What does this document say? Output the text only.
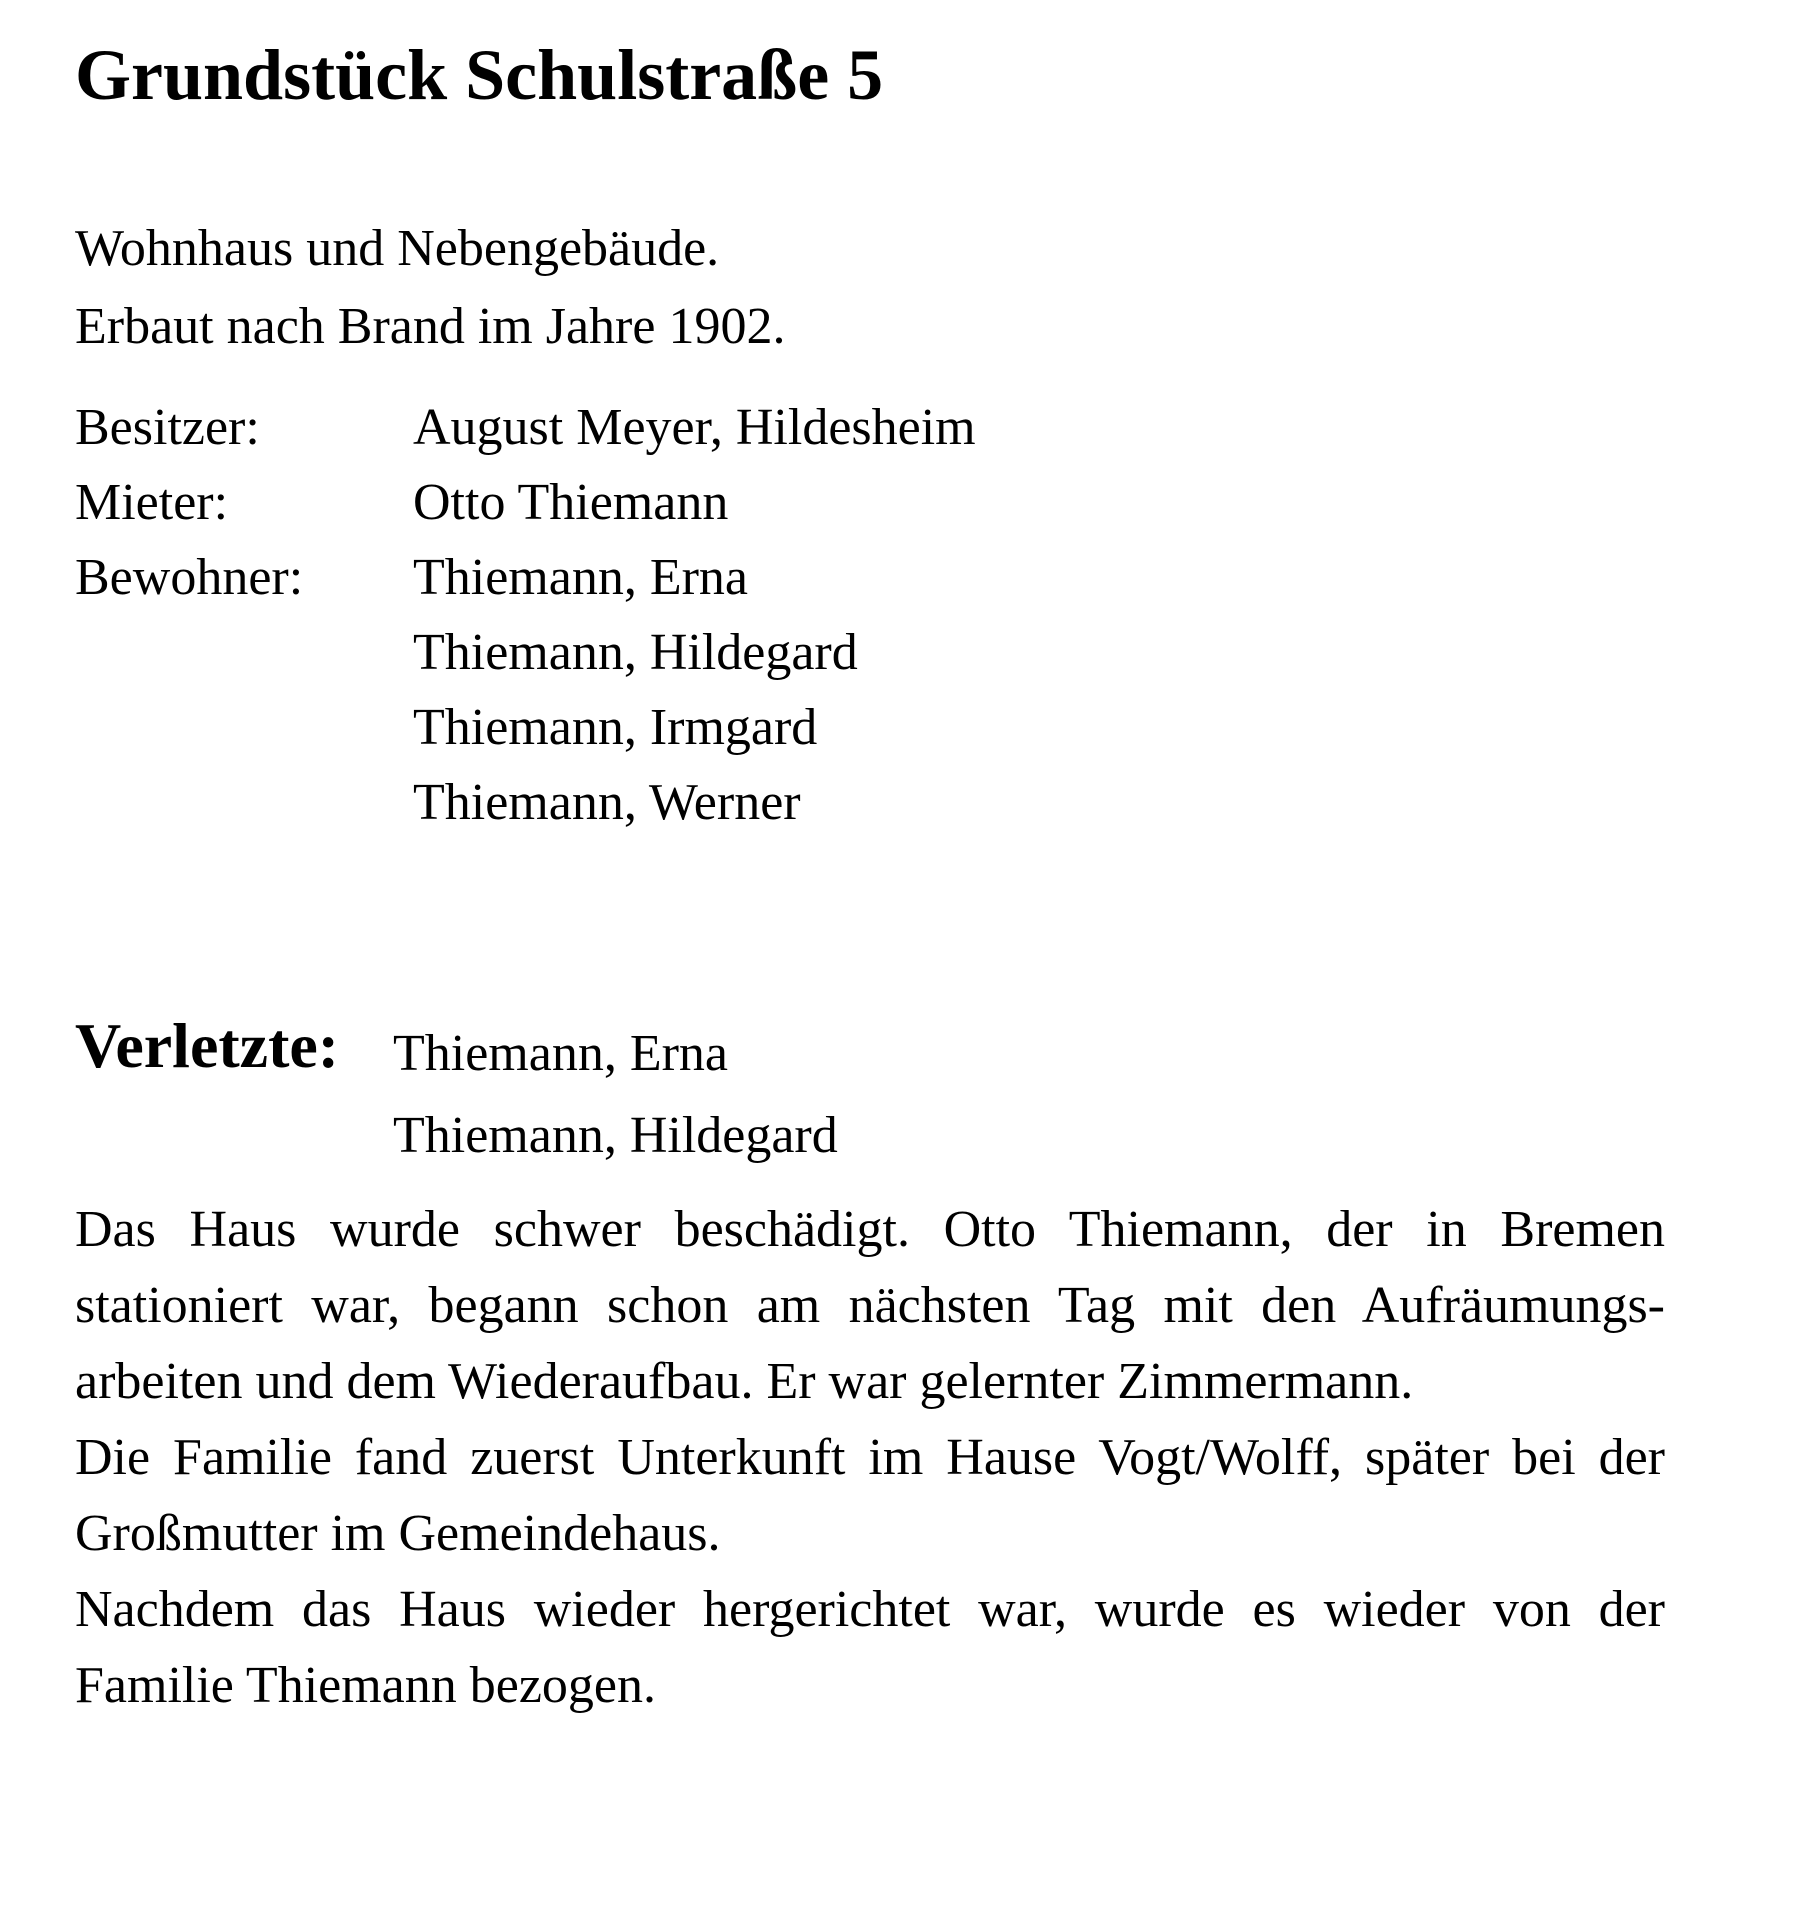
Grundstück Schulstraße 5
Wohnhaus und Nebengebäude.
Erbaut nach Brand im Jahre 1902.
Besitzer:	August Meyer, Hildesheim
Mieter:	Otto Thiemann
Bewohner: Thiemann, Erna
Thiemann, Hildegard
Thiemann, Irmgard
Thiemann, Werner
Verletzte: Thiemann, Erna
Thiemann, Hildegard

Das Haus wurde schwer beschädigt. Otto Thiemann, der in Bremen stationiert war, begann schon am nächsten Tag mit den Aufräumungs-arbeiten und dem Wiederaufbau. Er war gelernter Zimmermann.

Die Familie fand zuerst Unterkunft im Hause Vogt/Wolff, später bei der Großmutter im Gemeindehaus.

Nachdem das Haus wieder hergerichtet war, wurde es wieder von der Familie Thiemann bezogen.
